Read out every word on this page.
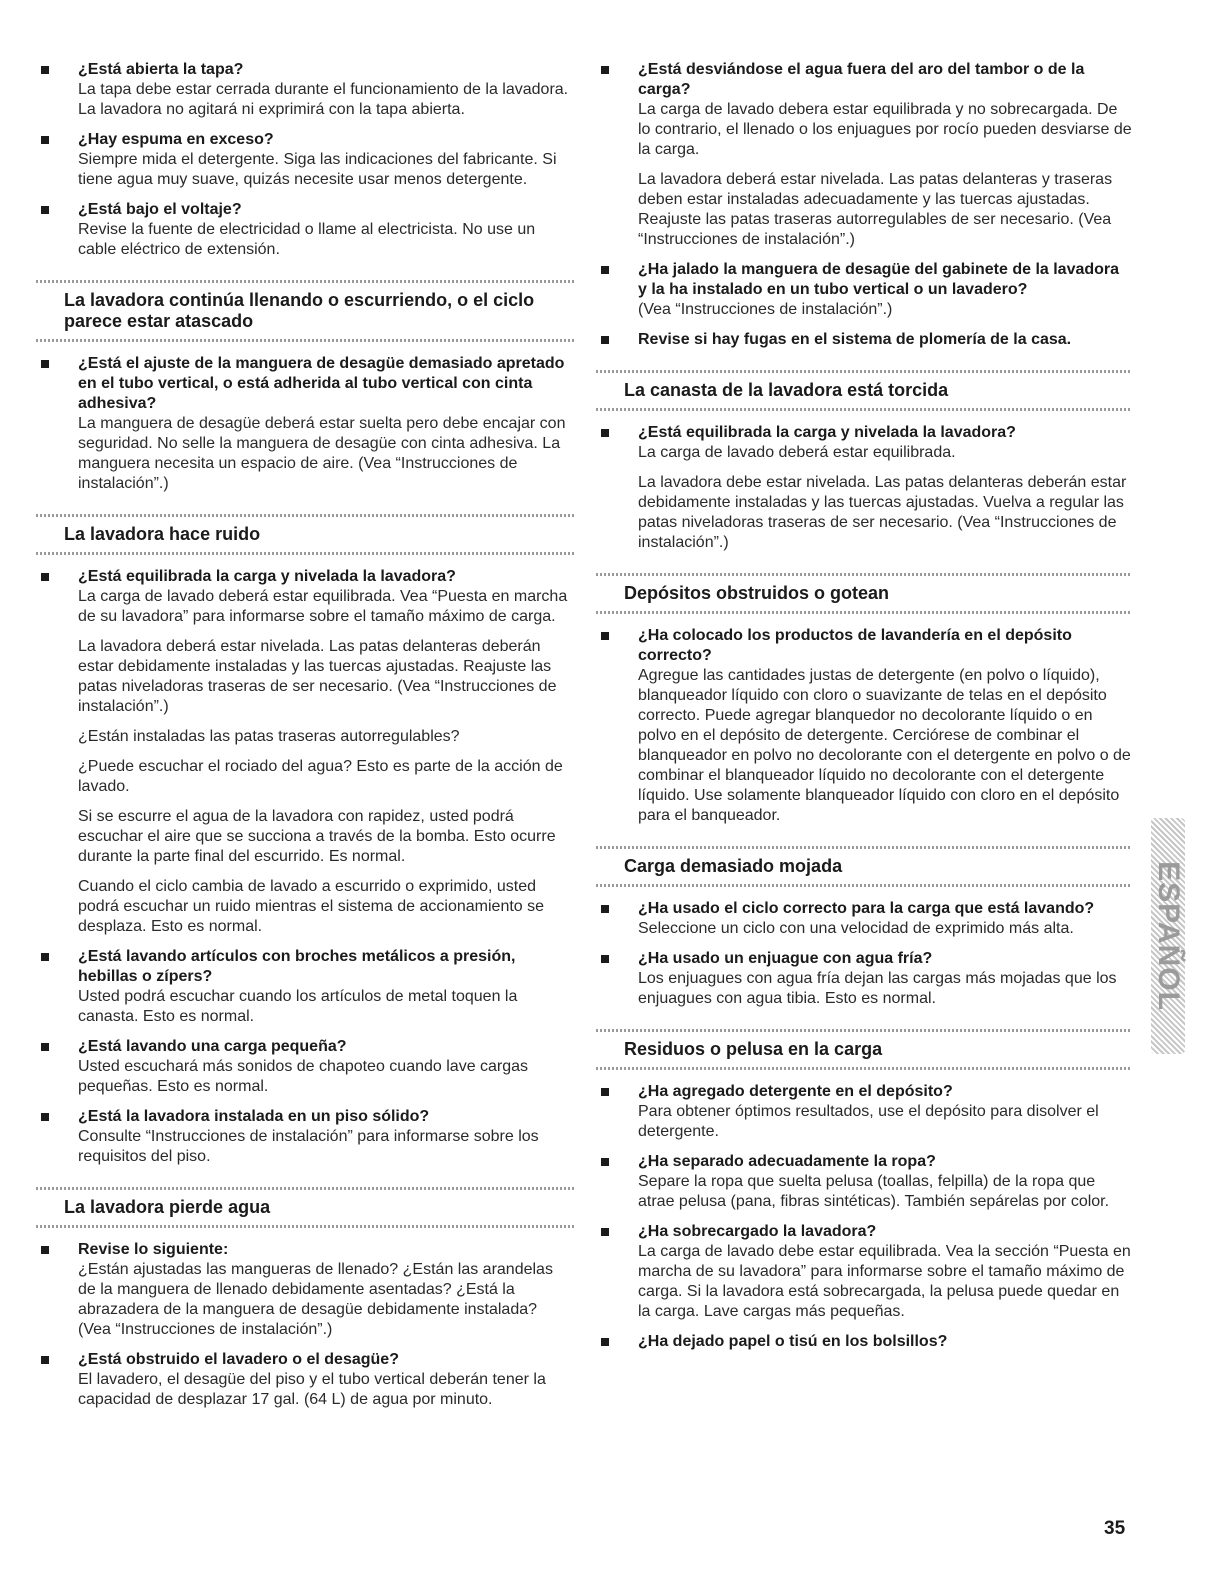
¿Está abierta la tapa?

La tapa debe estar cerrada durante el funcionamiento de la lavadora. La lavadora no agitará ni exprimirá con la tapa abierta.

¿Hay espuma en exceso?

Siempre mida el detergente. Siga las indicaciones del fabricante. Si tiene agua muy suave, quizás necesite usar menos detergente.

¿Está bajo el voltaje?

Revise la fuente de electricidad o llame al electricista. No use un cable eléctrico de extensión.

La lavadora continúa llenando o escurriendo, o el ciclo parece estar atascado

¿Está el ajuste de la manguera de desagüe demasiado apretado en el tubo vertical, o está adherida al tubo vertical con cinta adhesiva?

La manguera de desagüe deberá estar suelta pero debe encajar con seguridad. No selle la manguera de desagüe con cinta adhesiva. La manguera necesita un espacio de aire. (Vea “Instrucciones de instalación”.)

La lavadora hace ruido

¿Está equilibrada la carga y nivelada la lavadora?

La carga de lavado deberá estar equilibrada. Vea “Puesta en marcha de su lavadora” para informarse sobre el tamaño máximo de carga.

La lavadora deberá estar nivelada. Las patas delanteras deberán estar debidamente instaladas y las tuercas ajustadas. Reajuste las patas niveladoras traseras de ser necesario. (Vea “Instrucciones de instalación”.)

¿Están instaladas las patas traseras autorregulables?

¿Puede escuchar el rociado del agua? Esto es parte de la acción de lavado.

Si se escurre el agua de la lavadora con rapidez, usted podrá escuchar el aire que se succiona a través de la bomba. Esto ocurre durante la parte final del escurrido. Es normal.

Cuando el ciclo cambia de lavado a escurrido o exprimido, usted podrá escuchar un ruido mientras el sistema de accionamiento se desplaza. Esto es normal.

¿Está lavando artículos con broches metálicos a presión, hebillas o zípers?

Usted podrá escuchar cuando los artículos de metal toquen la canasta. Esto es normal.

¿Está lavando una carga pequeña?

Usted escuchará más sonidos de chapoteo cuando lave cargas pequeñas. Esto es normal.

¿Está la lavadora instalada en un piso sólido?

Consulte “Instrucciones de instalación” para informarse sobre los requisitos del piso.

La lavadora pierde agua

Revise lo siguiente:

¿Están ajustadas las mangueras de llenado? ¿Están las arandelas de la manguera de llenado debidamente asentadas? ¿Está la abrazadera de la manguera de desagüe debidamente instalada? (Vea “Instrucciones de instalación”.)

¿Está obstruido el lavadero o el desagüe?

El lavadero, el desagüe del piso y el tubo vertical deberán tener la capacidad de desplazar 17 gal. (64 L) de agua por minuto.

¿Está desviándose el agua fuera del aro del tambor o de la carga?

La carga de lavado debera estar equilibrada y no sobrecargada. De lo contrario, el llenado o los enjuagues por rocío pueden desviarse de la carga.

La lavadora deberá estar nivelada. Las patas delanteras y traseras deben estar instaladas adecuadamente y las tuercas ajustadas. Reajuste las patas traseras autorregulables de ser necesario. (Vea “Instrucciones de instalación”.)

¿Ha jalado la manguera de desagüe del gabinete de la lavadora y la ha instalado en un tubo vertical o un lavadero?

(Vea “Instrucciones de instalación”.)

Revise si hay fugas en el sistema de plomería de la casa.

La canasta de la lavadora está torcida

¿Está equilibrada la carga y nivelada la lavadora?

La carga de lavado deberá estar equilibrada.

La lavadora debe estar nivelada. Las patas delanteras deberán estar debidamente instaladas y las tuercas ajustadas. Vuelva a regular las patas niveladoras traseras de ser necesario. (Vea “Instrucciones de instalación”.)

Depósitos obstruidos o gotean

¿Ha colocado los productos de lavandería en el depósito correcto?

Agregue las cantidades justas de detergente (en polvo o líquido), blanqueador líquido con cloro o suavizante de telas en el depósito correcto. Puede agregar blanquedor no decolorante líquido o en polvo en el depósito de detergente. Cerciórese de combinar el blanqueador en polvo no decolorante con el detergente en polvo o de combinar el blanqueador líquido no decolorante con el detergente líquido. Use solamente blanqueador líquido con cloro en el depósito para el banqueador.

Carga demasiado mojada

¿Ha usado el ciclo correcto para la carga que está lavando?

Seleccione un ciclo con una velocidad de exprimido más alta.

¿Ha usado un enjuague con agua fría?

Los enjuagues con agua fría dejan las cargas más mojadas que los enjuagues con agua tibia. Esto es normal.

Residuos o pelusa en la carga

¿Ha agregado detergente en el depósito?

Para obtener óptimos resultados, use el depósito para disolver el detergente.

¿Ha separado adecuadamente la ropa?

Separe la ropa que suelta pelusa (toallas, felpilla) de la ropa que atrae pelusa (pana, fibras sintéticas). También sepárelas por color.

¿Ha sobrecargado la lavadora?

La carga de lavado debe estar equilibrada. Vea la sección “Puesta en marcha de su lavadora” para informarse sobre el tamaño máximo de carga. Si la lavadora está sobrecargada, la pelusa puede quedar en la carga. Lave cargas más pequeñas.

¿Ha dejado papel o tisú en los bolsillos?

ESPAÑOL
35
